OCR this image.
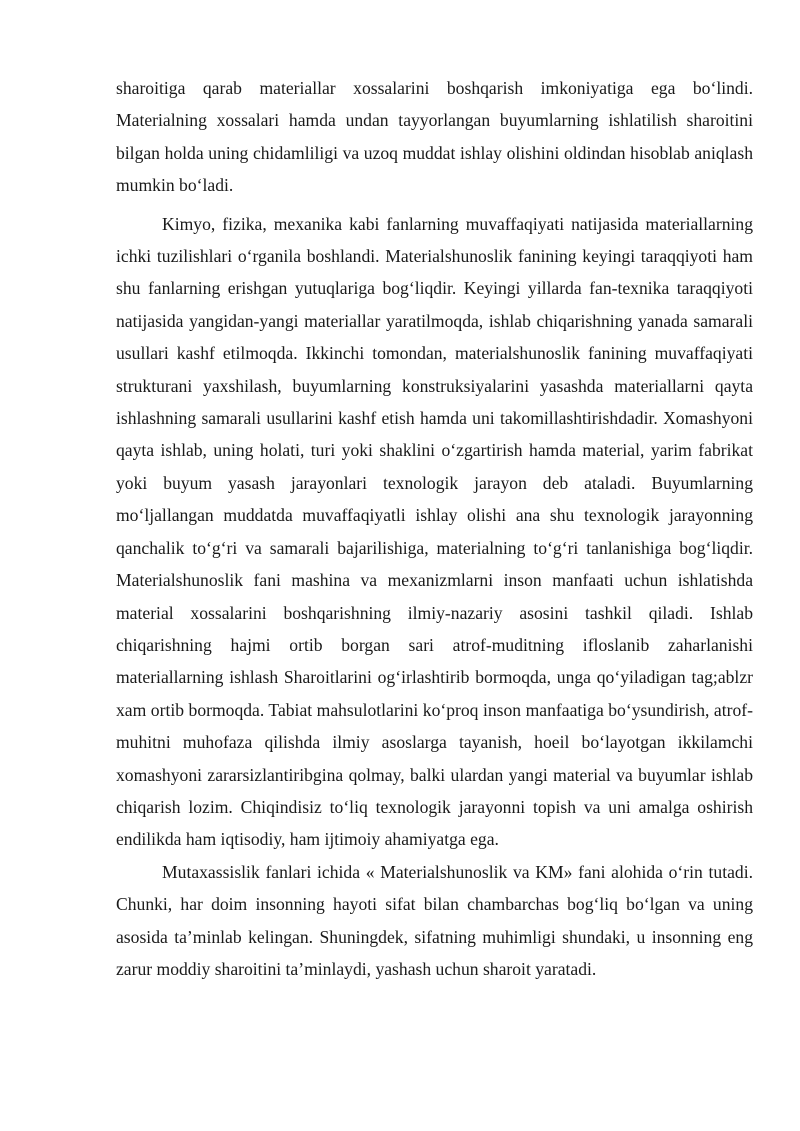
sharoitiga qarab materiallar xossalarini boshqarish imkoniyatiga ega bo‘lindi. Materialning xossalari hamda undan tayyorlangan buyumlarning ishlatilish sharoitini bilgan holda uning chidamliligi va uzoq muddat ishlay olishini oldindan hisoblab aniqlash mumkin bo‘ladi.

Kimyo, fizika, mexanika kabi fanlarning muvaffaqiyati natijasida materiallarning ichki tuzilishlari o‘rganila boshlandi. Materialshunoslik fanining keyingi taraqqiyoti ham shu fanlarning erishgan yutuqlariga bog‘liqdir. Keyingi yillarda fan-texnika taraqqiyoti natijasida yangidan-yangi materiallar yaratilmoqda, ishlab chiqarishning yanada samarali usullari kashf etilmoqda. Ikkinchi tomondan, materialshunoslik fanining muvaffaqiyati strukturani yaxshilash, buyumlarning konstruksiyalarini yasashda materiallarni qayta ishlashning samarali usullarini kashf etish hamda uni takomillashtirishdadir. Xomashyoni qayta ishlab, uning holati, turi yoki shaklini o‘zgartirish hamda material, yarim fabrikat yoki buyum yasash jarayonlari texnologik jarayon deb ataladi. Buyumlarning mo‘ljallangan muddatda muvaffaqiyatli ishlay olishi ana shu texnologik jarayonning qanchalik to‘g‘ri va samarali bajarilishiga, materialning to‘g‘ri tanlanishiga bog‘liqdir. Materialshunoslik fani mashina va mexanizmlarni inson manfaati uchun ishlatishda material xossalarini boshqarishning ilmiy-nazariy asosini tashkil qiladi. Ishlab chiqarishning hajmi ortib borgan sari atrof-muditning ifloslanib zaharlanishi materiallarning ishlash Sharoitlarini og‘irlashtirib bormoqda, unga qo‘yiladigan tag;ablzr xam ortib bormoqda. Tabiat mahsulotlarini ko‘proq inson manfaatiga bo‘ysundirish, atrof-muhitni muhofaza qilishda ilmiy asoslarga tayanish, hoeil bo‘layotgan ikkilamchi xomashyoni zararsizlantiribgina qolmay, balki ulardan yangi material va buyumlar ishlab chiqarish lozim. Chiqindisiz to‘liq texnologik jarayonni topish va uni amalga oshirish endilikda ham iqtisodiy, ham ijtimoiy ahamiyatga ega.

Mutaxassislik fanlari ichida « Materialshunoslik va KM» fani alohida o‘rin tutadi. Chunki, har doim insonning hayoti sifat bilan chambarchas bog‘liq bo‘lgan va uning asosida ta’minlab kelingan. Shuningdek, sifatning muhimligi shundaki, u insonning eng zarur moddiy sharoitini ta’minlaydi, yashash uchun sharoit yaratadi.
